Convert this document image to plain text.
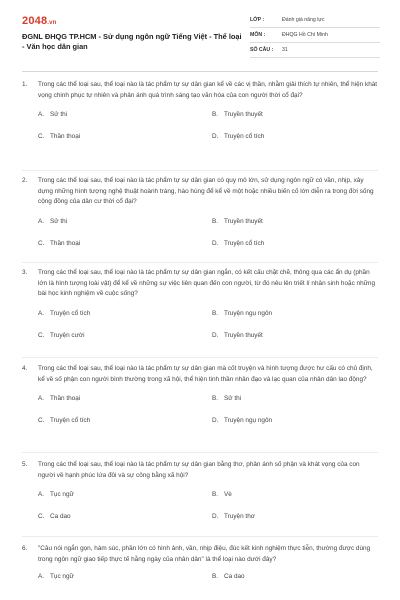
2048.vn
ĐGNL ĐHQG TP.HCM - Sử dụng ngôn ngữ Tiếng Việt - Thể loại - Văn học dân gian
LỚP :	Đánh giá năng lực
MÔN :	ĐHQG Hồ Chí Minh
SỐ CÂU :	31
1. Trong các thể loại sau, thể loại nào là tác phẩm tự sự dân gian kể về các vị thần, nhằm giải thích tự nhiên, thể hiện khát vọng chinh phục tự nhiên và phản ánh quá trình sáng tạo văn hóa của con người thời cổ đại?
A. Sử thi	B. Truyền thuyết
C. Thần thoại	D. Truyện cổ tích
2. Trong các thể loại sau, thể loại nào là tác phẩm tự sự dân gian có quy mô lớn, sử dụng ngôn ngữ có vần, nhịp, xây dựng những hình tượng nghệ thuật hoành tráng, hào hùng để kể về một hoặc nhiều biến cố lớn diễn ra trong đời sống cộng đồng của dân cư thời cổ đại?
A. Sử thi	B. Truyền thuyết
C. Thần thoại	D. Truyện cổ tích
3. Trong các thể loại sau, thể loại nào là tác phẩm tự sự dân gian ngắn, có kết cấu chặt chẽ, thông qua các ẩn dụ (phần lớn là hình tượng loài vật) để kể về những sự việc liên quan đến con người, từ đó nêu lên triết lí nhân sinh hoặc những bài học kinh nghiệm về cuộc sống?
A. Truyện cổ tích	B. Truyện ngụ ngôn
C. Truyện cười	D. Truyền thuyết
4. Trong các thể loại sau, thể loại nào là tác phẩm tự sự dân gian mà cốt truyện và hình tượng được hư cấu có chủ định, kể về số phận con người bình thường trong xã hội, thể hiện tinh thần nhân đạo và lạc quan của nhân dân lao động?
A. Thần thoại	B. Sử thi
C. Truyện cổ tích	D. Truyện ngụ ngôn
5. Trong các thể loại sau, thể loại nào là tác phẩm tự sự dân gian bằng thơ, phản ánh số phận và khát vọng của con người về hạnh phúc lứa đôi và sự công bằng xã hội?
A. Tục ngữ	B. Vè
C. Ca dao	D. Truyện thơ
6. "Câu nói ngắn gọn, hàm súc, phần lớn có hình ảnh, vần, nhịp điệu, đúc kết kinh nghiệm thực tiễn, thường được dùng trong ngôn ngữ giao tiếp thực tế hằng ngày của nhân dân" là thể loại nào dưới đây?
A. Tục ngữ	B. Ca dao
